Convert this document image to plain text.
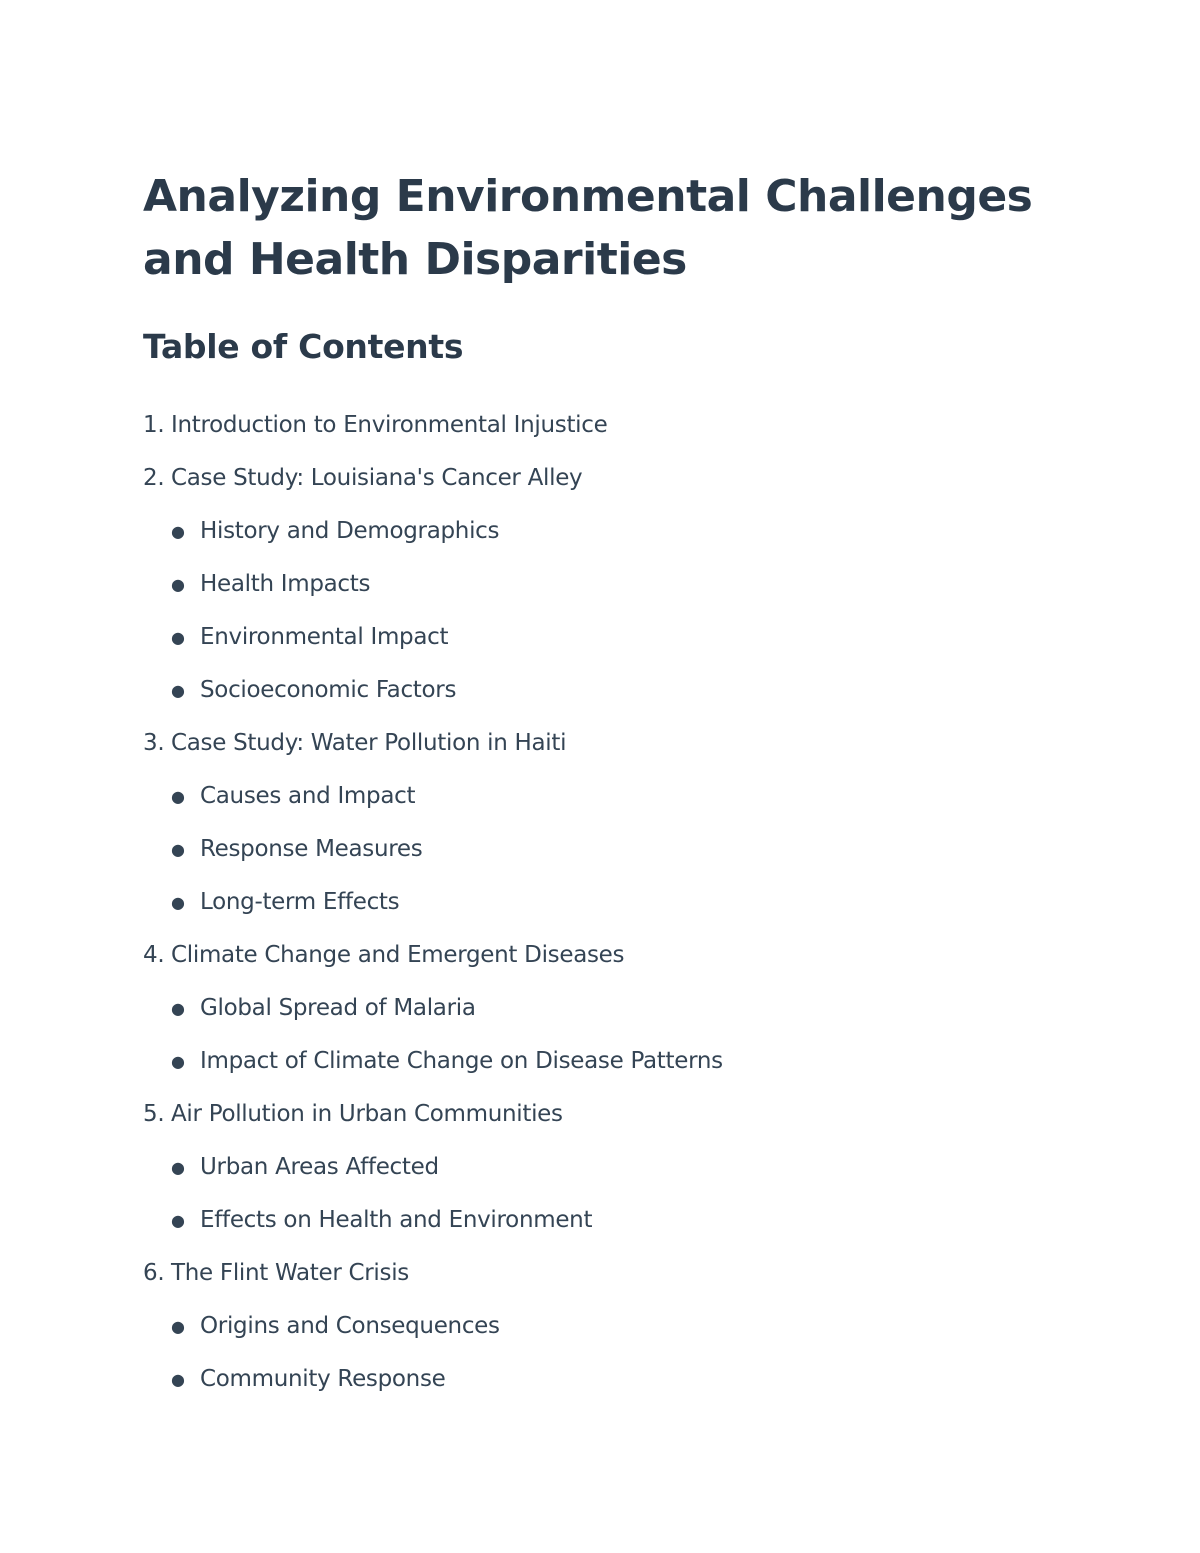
Analyzing Environmental Challenges
and Health Disparities
Table of Contents
1. Introduction to Environmental Injustice
2. Case Study: Louisiana's Cancer Alley
● History and Demographics
● Health Impacts
● Environmental Impact
● Socioeconomic Factors
3. Case Study: Water Pollution in Haiti
● Causes and Impact
● Response Measures
● Long-term Effects
4. Climate Change and Emergent Diseases
● Global Spread of Malaria
● Impact of Climate Change on Disease Patterns
5. Air Pollution in Urban Communities
● Urban Areas Affected
● Effects on Health and Environment
6. The Flint Water Crisis
● Origins and Consequences
● Community Response
